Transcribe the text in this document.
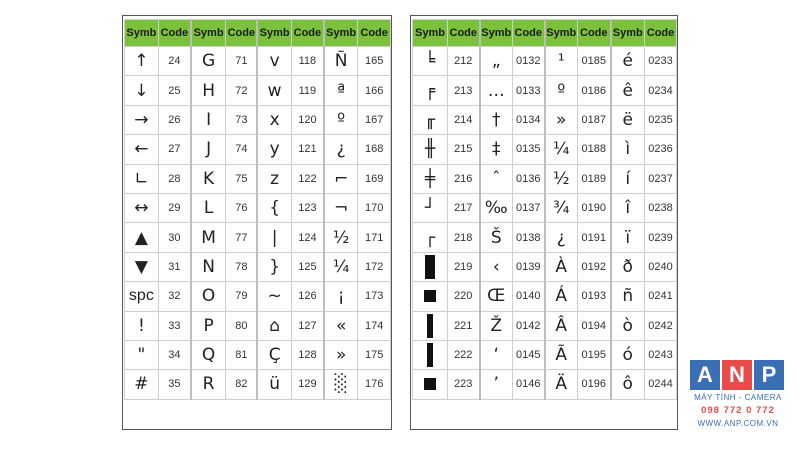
Symb	Code	Symb	Code	Symb	Code	Symb	Code
↑	24	G	71	v	118	Ñ	165
↓	25	H	72	w	119	ª	166
→	26	I	73	x	120	º	167
←	27	J	74	y	121	¿	168
∟	28	K	75	z	122	⌐	169
↔	29	L	76	{	123	¬	170
▲	30	M	77	|	124	½	171
▼	31	N	78	}	125	¼	172
spc	32	O	79	~	126	¡	173
!	33	P	80	⌂	127	«	174
"	34	Q	81	Ç	128	»	175
#	35	R	82	ü	129	░	176
Symb	Code	Symb	Code	Symb	Code	Symb	Code
╘	212	„	0132	¹	0185	é	0233
╒	213	…	0133	º	0186	ê	0234
╓	214	†	0134	»	0187	ë	0235
╫	215	‡	0135	¼	0188	ì	0236
╪	216	ˆ	0136	½	0189	í	0237
┘	217	‰	0137	¾	0190	î	0238
┌	218	Š	0138	¿	0191	ï	0239
	219	‹	0139	À	0192	ð	0240
	220	Œ	0140	Á	0193	ñ	0241
	221	Ž	0142	Â	0194	ò	0242
	222	‘	0145	Ã	0195	ó	0243
	223	’	0146	Ä	0196	ô	0244	A N P
MÁY TÍNH - CAMERA
098 772 0 772
WWW.ANP.COM.VN
